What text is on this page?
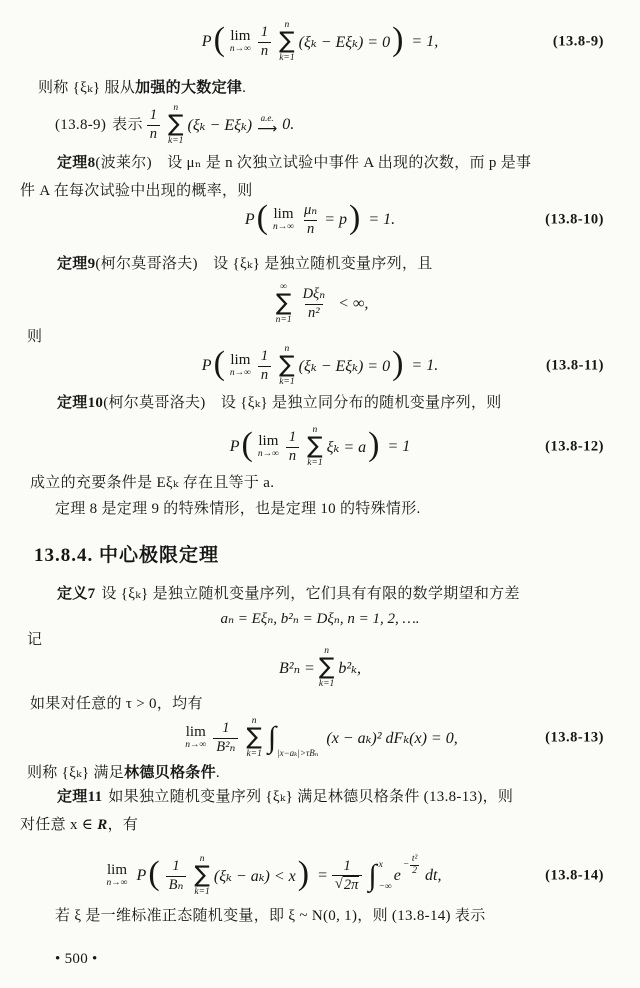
P ( lim
$n\to\infty \frac{1}{n}$ n
∑
k=1
(ξₖ − Eξₖ) = 0 ) = 1,	(13.8-9)
则称 {ξₖ} 服从加强的大数定律.
(13.8-9) 表示 $\frac{1}{n}$ n
∑
k=1
(ξₖ − Eξₖ) a.e.
⟶ 0.
定理8(波莱尔)　设 μₙ 是 n 次独立试验中事件 A 出现的次数，而 p 是事
件 A 在每次试验中出现的概率，则
P ( lim
$n\to\infty \frac{\text{μₙ}}{n} = p$ ) = 1.	(13.8-10)
定理9(柯尔莫哥洛夫)　设 {ξₖ} 是独立随机变量序列，且
∞
∑
$n=1 \frac{\text{Dξₙ}}{\text{n²}}$ < ∞,
则
P ( lim
$n\to\infty \frac{1}{n}$ n
∑
k=1
(ξₖ − Eξₖ) = 0 ) = 1.	(13.8-11)
定理10(柯尔莫哥洛夫)　设 {ξₖ} 是独立同分布的随机变量序列，则
P ( lim
$n\to\infty \frac{1}{n}$ n
∑
k=1
ξₖ = a ) = 1	(13.8-12)
成立的充要条件是 Eξₖ 存在且等于 a.
定理 8 是定理 9 的特殊情形，也是定理 10 的特殊情形.
13.8.4. 中心极限定理
定义7 设 {ξₖ} 是独立随机变量序列，它们具有有限的数学期望和方差
aₙ = Eξₙ, b²ₙ = Dξₙ, n = 1, 2, ….
记
B²ₙ =
n
∑
k=1
b²ₖ,
如果对任意的 τ > 0，均有
lim
$n\to\infty \frac{1}{\text{B²ₙ}}$ n
∑
k=1 ∫ |x−aₖ|>τBₙ
(x − aₖ)² dFₖ(x) = 0,	(13.8-13)
则称 {ξₖ} 满足林德贝格条件.
定理11 如果独立随机变量序列 {ξₖ} 满足林德贝格条件 (13.8-13)，则
对任意 x ∈ R，有
lim
n→∞ P ( $\frac{1}{\text{Bₙ}}$ n
∑
k=1
(ξₖ − aₖ) < x ) = $\frac{1}{√ 2\pi}$ ∫ x
−∞
e
− $\frac{\text{t²}}{2}$ dt,	(13.8-14)
若 ξ 是一维标准正态随机变量，即 ξ ~ N(0, 1)，则 (13.8-14) 表示
• 500 •
